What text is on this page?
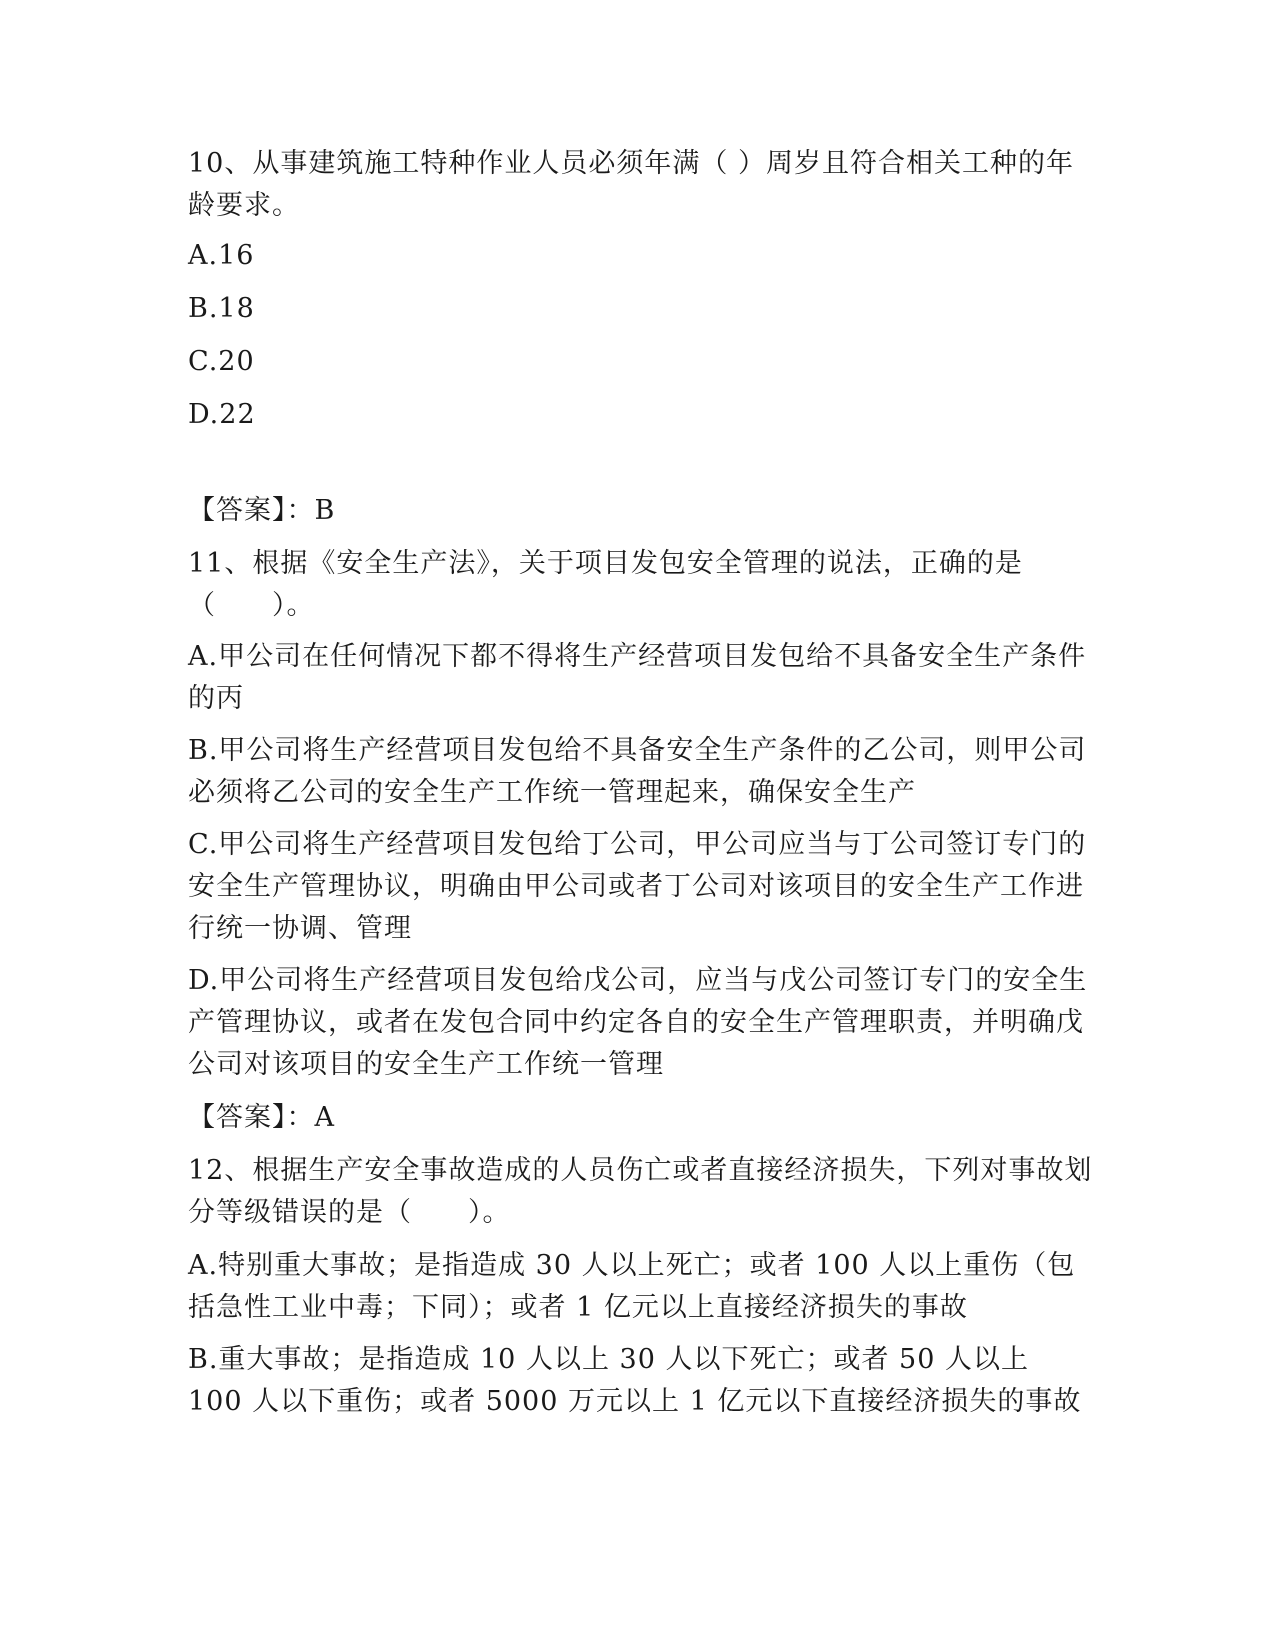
10、从事建筑施工特种作业人员必须年满（ ）周岁且符合相关工种的年龄要求。

A.16

B.18

C.20

D.22

【答案】：B

11、根据《安全生产法》，关于项目发包安全管理的说法，正确的是（　　）。

A.甲公司在任何情况下都不得将生产经营项目发包给不具备安全生产条件的丙

B.甲公司将生产经营项目发包给不具备安全生产条件的乙公司，则甲公司必须将乙公司的安全生产工作统一管理起来，确保安全生产

C.甲公司将生产经营项目发包给丁公司，甲公司应当与丁公司签订专门的安全生产管理协议，明确由甲公司或者丁公司对该项目的安全生产工作进行统一协调、管理

D.甲公司将生产经营项目发包给戊公司，应当与戊公司签订专门的安全生产管理协议，或者在发包合同中约定各自的安全生产管理职责，并明确戊公司对该项目的安全生产工作统一管理

【答案】：A

12、根据生产安全事故造成的人员伤亡或者直接经济损失，下列对事故划分等级错误的是（　　）。

A.特别重大事故；是指造成 30 人以上死亡；或者 100 人以上重伤（包括急性工业中毒；下同）；或者 1 亿元以上直接经济损失的事故

B.重大事故；是指造成 10 人以上 30 人以下死亡；或者 50 人以上 100 人以下重伤；或者 5000 万元以上 1 亿元以下直接经济损失的事故
